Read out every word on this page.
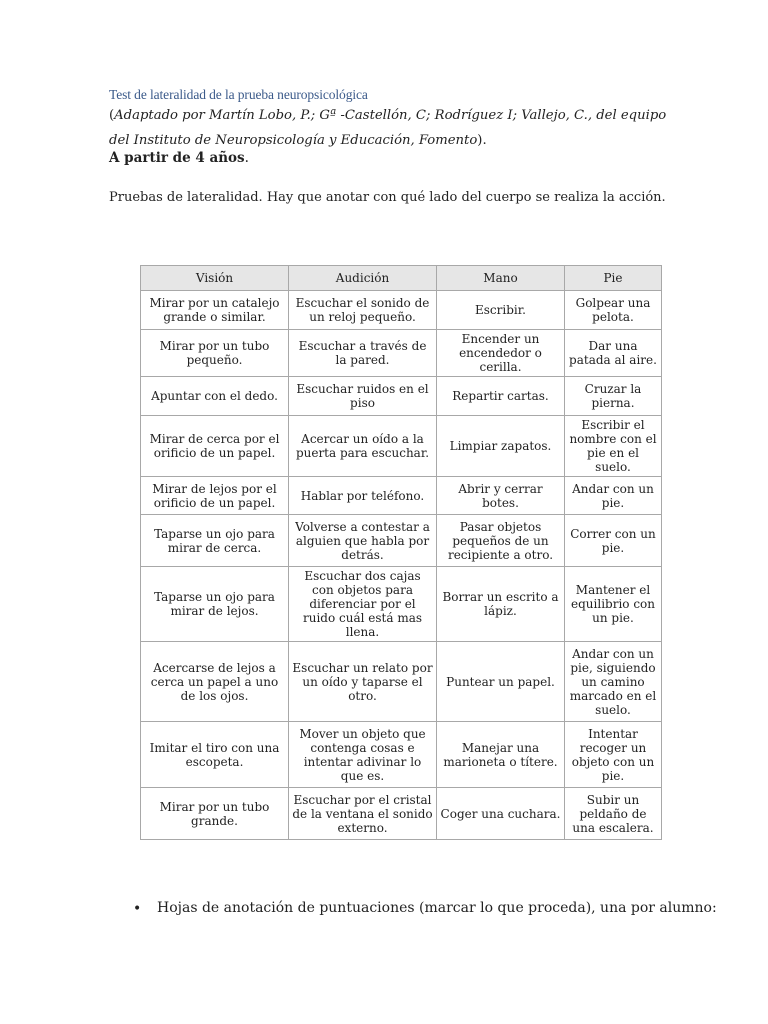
Test de lateralidad de la prueba neuropsicológica
(Adaptado por Martín Lobo, P.; Gª -Castellón, C; Rodríguez I; Vallejo, C., del equipo del Instituto de Neuropsicología y Educación, Fomento).
A partir de 4 años.
Pruebas de lateralidad. Hay que anotar con qué lado del cuerpo se realiza la acción.
Visión	Audición	Mano	Pie
Mirar por un catalejo grande o similar.	Escuchar el sonido de un reloj pequeño.	Escribir.	Golpear una pelota.
Mirar por un tubo pequeño.	Escuchar a través de la pared.	Encender un encendedor o cerilla.	Dar una patada al aire.
Apuntar con el dedo.	Escuchar ruidos en el piso	Repartir cartas.	Cruzar la pierna.
Mirar de cerca por el orificio de un papel.	Acercar un oído a la puerta para escuchar.	Limpiar zapatos.	Escribir el nombre con el pie en el suelo.
Mirar de lejos por el orificio de un papel.	Hablar por teléfono.	Abrir y cerrar botes.	Andar con un pie.
Taparse un ojo para mirar de cerca.	Volverse a contestar a alguien que habla por detrás.	Pasar objetos pequeños de un recipiente a otro.	Correr con un pie.
Taparse un ojo para mirar de lejos.	Escuchar dos cajas con objetos para diferenciar por el ruido cuál está mas llena.	Borrar un escrito a lápiz.	Mantener el equilibrio con un pie.
Acercarse de lejos a cerca un papel a uno de los ojos.	Escuchar un relato por un oído y taparse el otro.	Puntear un papel.	Andar con un pie, siguiendo un camino marcado en el suelo.
Imitar el tiro con una escopeta.	Mover un objeto que contenga cosas e intentar adivinar lo que es.	Manejar una marioneta o títere.	Intentar recoger un objeto con un pie.
Mirar por un tubo grande.	Escuchar por el cristal de la ventana el sonido externo.	Coger una cuchara.	Subir un peldaño de una escalera.
• Hojas de anotación de puntuaciones (marcar lo que proceda), una por alumno:
